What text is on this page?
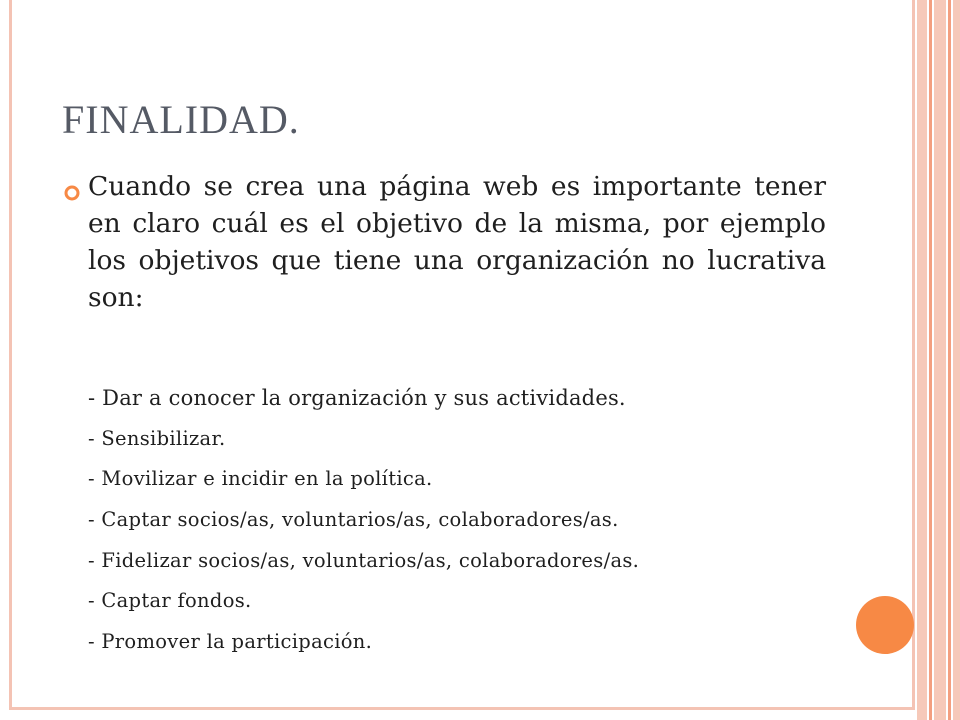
FINALIDAD.

Cuando se crea una página web es importante tener en claro cuál es el objetivo de la misma, por ejemplo los objetivos que tiene una organización no lucrativa son:

- Dar a conocer la organización y sus actividades.
- Sensibilizar.
- Movilizar e incidir en la política.
- Captar socios/as, voluntarios/as, colaboradores/as.
- Fidelizar socios/as, voluntarios/as, colaboradores/as.
- Captar fondos.
- Promover la participación.
